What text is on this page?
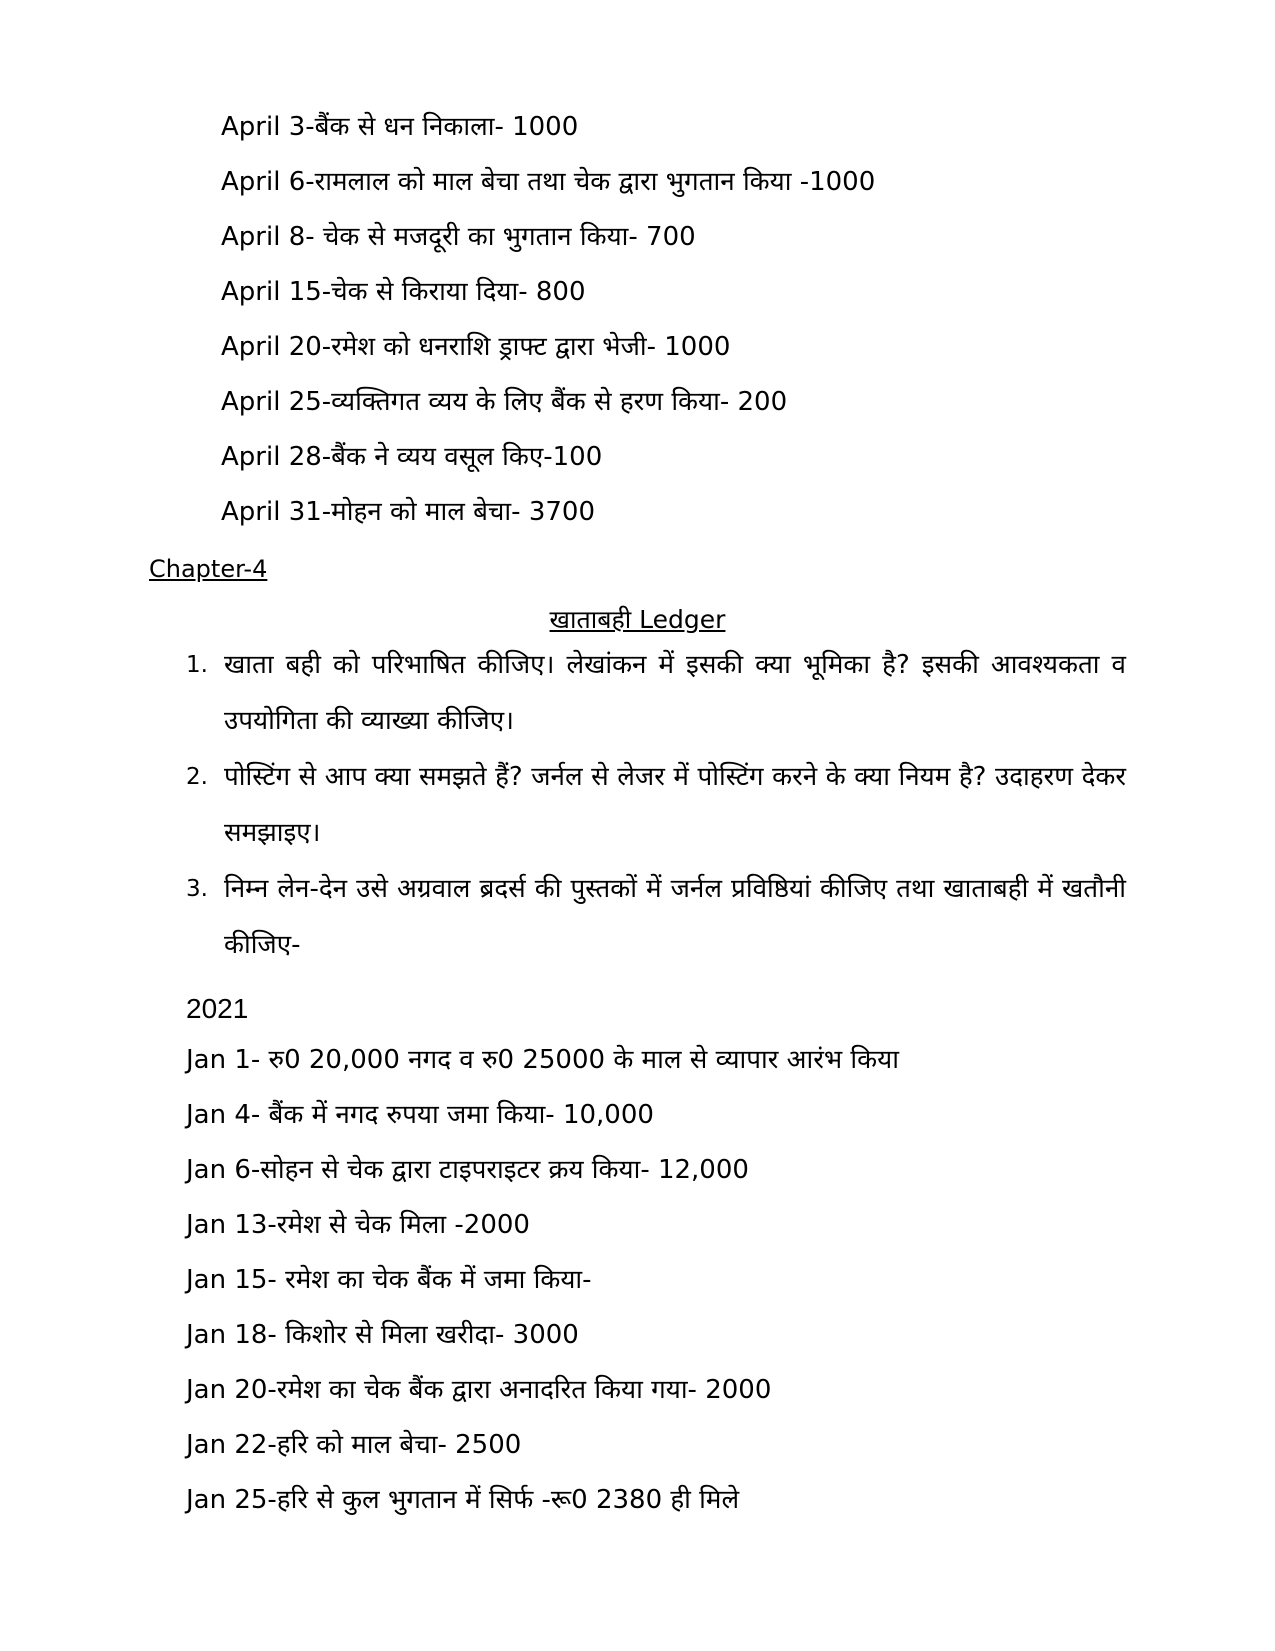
April 3-बैंक से धन निकाला- 1000
April 6-रामलाल को माल बेचा तथा चेक द्वारा भुगतान किया -1000
April 8- चेक से मजदूरी का भुगतान किया- 700
April 15-चेक से किराया दिया- 800
April 20-रमेश को धनराशि ड्राफ्ट द्वारा भेजी- 1000
April 25-व्यक्तिगत व्यय के लिए बैंक से हरण किया- 200
April 28-बैंक ने व्यय वसूल किए-100
April 31-मोहन को माल बेचा- 3700
Chapter-4
खाताबही Ledger
1. खाता बही को परिभाषित कीजिए। लेखांकन में इसकी क्या भूमिका है? इसकी आवश्यकता व उपयोगिता की व्याख्या कीजिए।
2. पोस्टिंग से आप क्या समझते हैं? जर्नल से लेजर में पोस्टिंग करने के क्या नियम है? उदाहरण देकर समझाइए।
3. निम्न लेन-देन उसे अग्रवाल ब्रदर्स की पुस्तकों में जर्नल प्रविष्ठियां कीजिए तथा खाताबही में खतौनी कीजिए-
2021
Jan 1- रु0 20,000 नगद व रु0 25000 के माल से व्यापार आरंभ किया
Jan 4- बैंक में नगद रुपया जमा किया- 10,000
Jan 6-सोहन से चेक द्वारा टाइपराइटर क्रय किया- 12,000
Jan 13-रमेश से चेक मिला -2000
Jan 15- रमेश का चेक बैंक में जमा किया-
Jan 18- किशोर से मिला खरीदा- 3000
Jan 20-रमेश का चेक बैंक द्वारा अनादरित किया गया- 2000
Jan 22-हरि को माल बेचा- 2500
Jan 25-हरि से कुल भुगतान में सिर्फ -रू0 2380 ही मिले
